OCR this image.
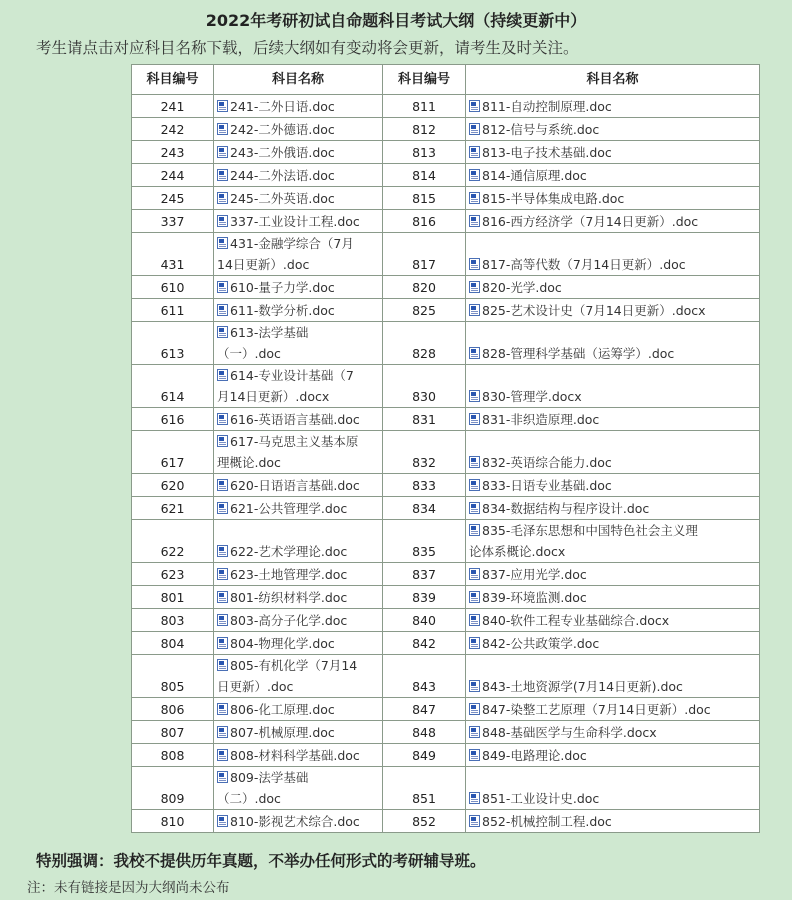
2022年考研初试自命题科目考试大纲（持续更新中）
考生请点击对应科目名称下载，后续大纲如有变动将会更新，请考生及时关注。
科目编号	科目名称	科目编号	科目名称
241	241-二外日语.doc	811	811-自动控制原理.doc
242	242-二外德语.doc	812	812-信号与系统.doc
243	243-二外俄语.doc	813	813-电子技术基础.doc
244	244-二外法语.doc	814	814-通信原理.doc
245	245-二外英语.doc	815	815-半导体集成电路.doc
337	337-工业设计工程.doc	816	816-西方经济学（7月14日更新）.doc
431	431-金融学综合（7月
14日更新）.doc	817	817-高等代数（7月14日更新）.doc
610	610-量子力学.doc	820	820-光学.doc
611	611-数学分析.doc	825	825-艺术设计史（7月14日更新）.docx
613	613-法学基础
（一）.doc	828	828-管理科学基础（运筹学）.doc
614	614-专业设计基础（7
月14日更新）.docx	830	830-管理学.docx
616	616-英语语言基础.doc	831	831-非织造原理.doc
617	617-马克思主义基本原
理概论.doc	832	832-英语综合能力.doc
620	620-日语语言基础.doc	833	833-日语专业基础.doc
621	621-公共管理学.doc	834	834-数据结构与程序设计.doc
622	622-艺术学理论.doc	835	835-毛泽东思想和中国特色社会主义理
论体系概论.docx

623	623-土地管理学.doc	837	837-应用光学.doc
801	801-纺织材料学.doc	839	839-环境监测.doc
803	803-高分子化学.doc	840	840-软件工程专业基础综合.docx
804	804-物理化学.doc	842	842-公共政策学.doc
805	805-有机化学（7月14
日更新）.doc	843	843-土地资源学(7月14日更新).doc
806	806-化工原理.doc	847	847-染整工艺原理（7月14日更新）.doc
807	807-机械原理.doc	848	848-基础医学与生命科学.docx
808	808-材料科学基础.doc	849	849-电路理论.doc
809	809-法学基础
（二）.doc	851	851-工业设计史.doc
810	810-影视艺术综合.doc	852	852-机械控制工程.doc
特别强调：我校不提供历年真题，不举办任何形式的考研辅导班。
注：未有链接是因为大纲尚未公布
